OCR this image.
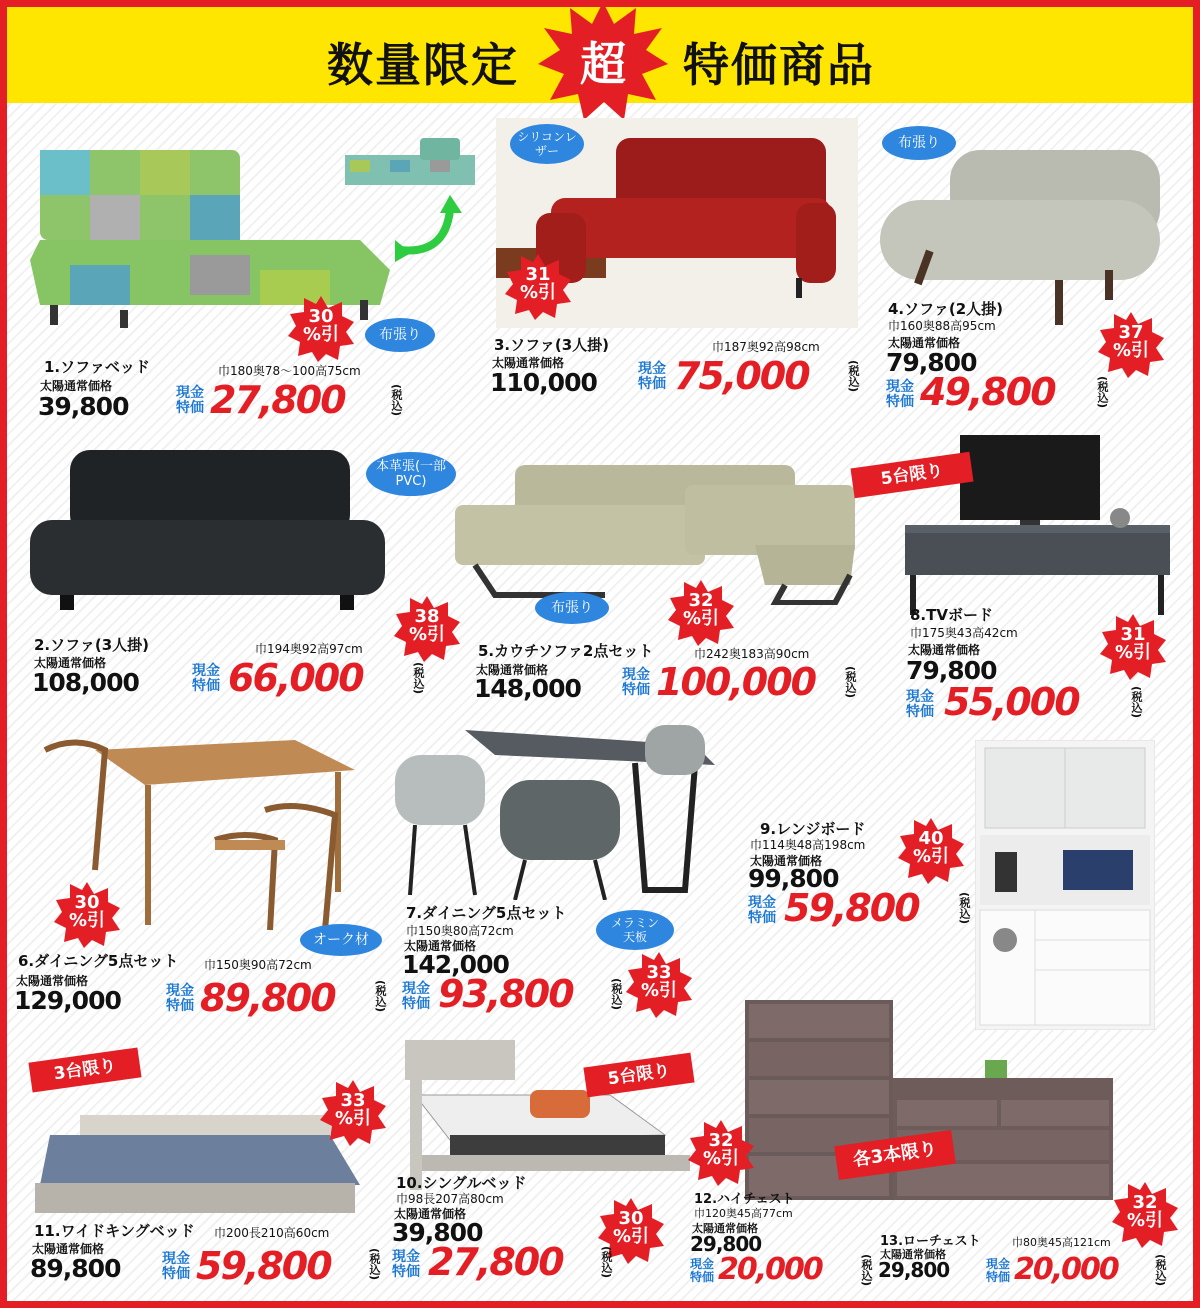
数量限定	特価商品
超
布張り
30
%引
1.ソファベッド	巾180奥78〜100高75cm
太陽通常価格
39,800	現金特価 27,800	(税込)
シリコンレザー
31
%引
3.ソファ(3人掛)	巾187奥92高98cm
太陽通常価格
110,000	現金特価 75,000	(税込)
布張り
37
%引
4.ソファ(2人掛)
巾160奥88高95cm
太陽通常価格
79,800
現金特価 49,800	(税込)
本革張(一部PVC)
38
%引
2.ソファ(3人掛)	巾194奥92高97cm
太陽通常価格
108,000	現金特価 66,000	(税込)
布張り	32
%引
5.カウチソファ2点セット	巾242奥183高90cm
太陽通常価格
148,000	現金特価 100,000	(税込)
5台限り
31
%引
8.TVボード
巾175奥43高42cm
太陽通常価格
79,800
現金特価 55,000	(税込)
オーク材
30
%引
6.ダイニング5点セット 巾150奥90高72cm
太陽通常価格
129,000	現金特価 89,800	(税込)
メラミン天板
33
%引
7.ダイニング5点セット
巾150奥80高72cm
太陽通常価格
142,000
現金特価 93,800	(税込)
40
%引
9.レンジボード
巾114奥48高198cm
太陽通常価格
99,800
現金特価 59,800	(税込)
3台限り
33
%引
11.ワイドキングベッド 巾200長210高60cm
太陽通常価格
89,800	現金特価 59,800	(税込)
5台限り
30
%引
10.シングルベッド
巾98長207高80cm
太陽通常価格
39,800
現金特価 27,800	(税込)
各3本限り
32
%引
32
%引
12.ハイチェスト
巾120奥45高77cm
太陽通常価格
29,800
現金特価 20,000	(税込)
13.ローチェスト	巾80奥45高121cm
太陽通常価格
29,800	現金特価 20,000	(税込)
